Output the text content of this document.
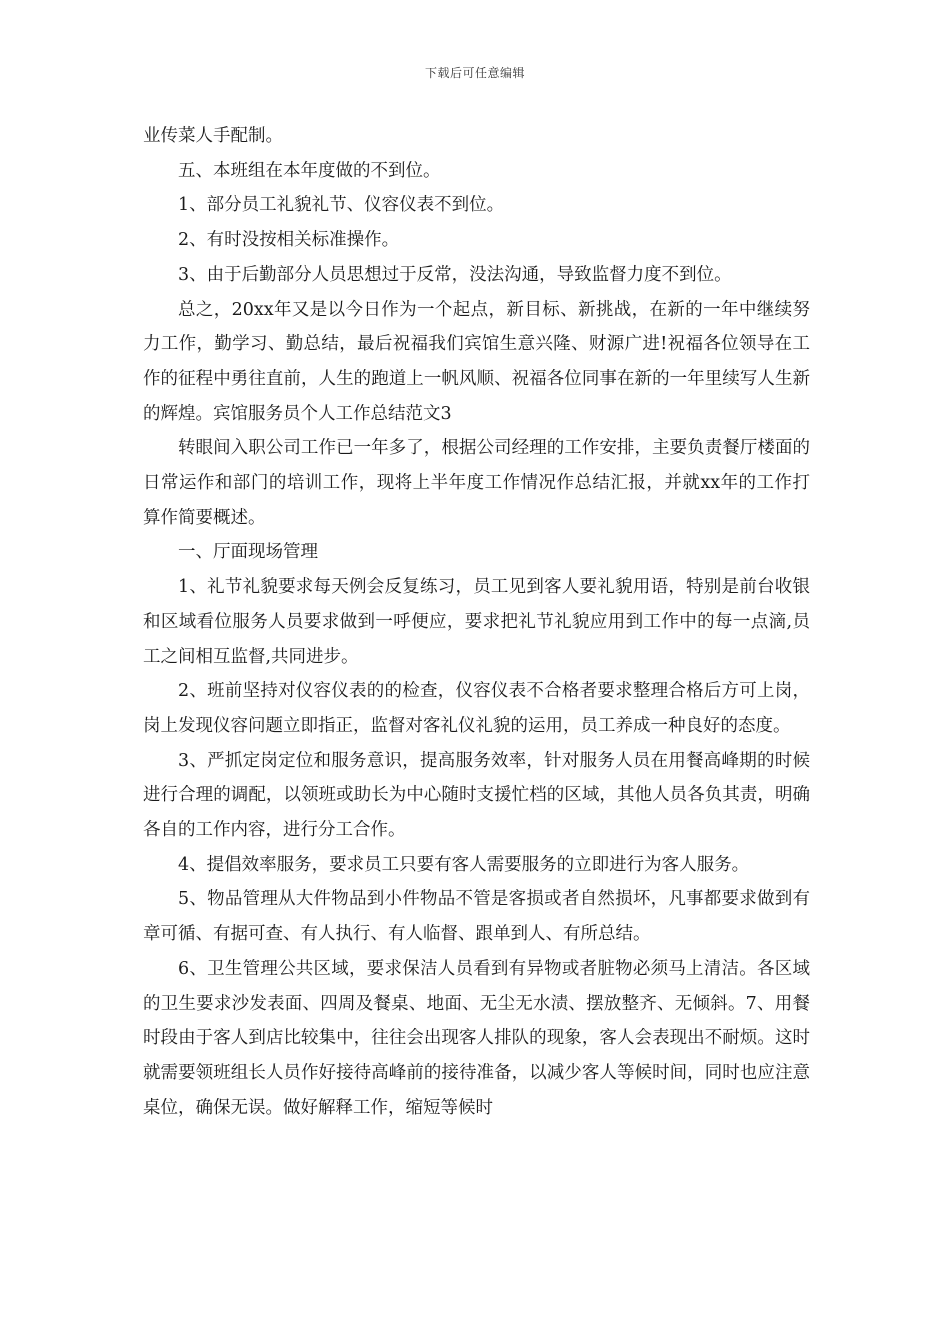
下载后可任意编辑

业传菜人手配制。

五、本班组在本年度做的不到位。

1、部分员工礼貌礼节、仪容仪表不到位。

2、有时没按相关标准操作。

3、由于后勤部分人员思想过于反常，没法沟通，导致监督力度不到位。

总之，20xx年又是以今日作为一个起点，新目标、新挑战，在新的一年中继续努力工作，勤学习、勤总结，最后祝福我们宾馆生意兴隆、财源广进!祝福各位领导在工作的征程中勇往直前，人生的跑道上一帆风顺、祝福各位同事在新的一年里续写人生新的辉煌。宾馆服务员个人工作总结范文3

转眼间入职公司工作已一年多了，根据公司经理的工作安排，主要负责餐厅楼面的日常运作和部门的培训工作，现将上半年度工作情况作总结汇报，并就xx年的工作打算作简要概述。

一、厅面现场管理

1、礼节礼貌要求每天例会反复练习，员工见到客人要礼貌用语，特别是前台收银和区域看位服务人员要求做到一呼便应，要求把礼节礼貌应用到工作中的每一点滴,员工之间相互监督,共同进步。

2、班前坚持对仪容仪表的的检查，仪容仪表不合格者要求整理合格后方可上岗，岗上发现仪容问题立即指正，监督对客礼仪礼貌的运用，员工养成一种良好的态度。

3、严抓定岗定位和服务意识，提高服务效率，针对服务人员在用餐高峰期的时候进行合理的调配，以领班或助长为中心随时支援忙档的区域，其他人员各负其责，明确各自的工作内容，进行分工合作。

4、提倡效率服务，要求员工只要有客人需要服务的立即进行为客人服务。

5、物品管理从大件物品到小件物品不管是客损或者自然损坏，凡事都要求做到有章可循、有据可查、有人执行、有人临督、跟单到人、有所总结。

6、卫生管理公共区域，要求保洁人员看到有异物或者脏物必须马上清洁。各区域的卫生要求沙发表面、四周及餐桌、地面、无尘无水渍、摆放整齐、无倾斜。7、用餐时段由于客人到店比较集中，往往会出现客人排队的现象，客人会表现出不耐烦。这时就需要领班组长人员作好接待高峰前的接待准备，以减少客人等候时间，同时也应注意桌位，确保无误。做好解释工作，缩短等候时
